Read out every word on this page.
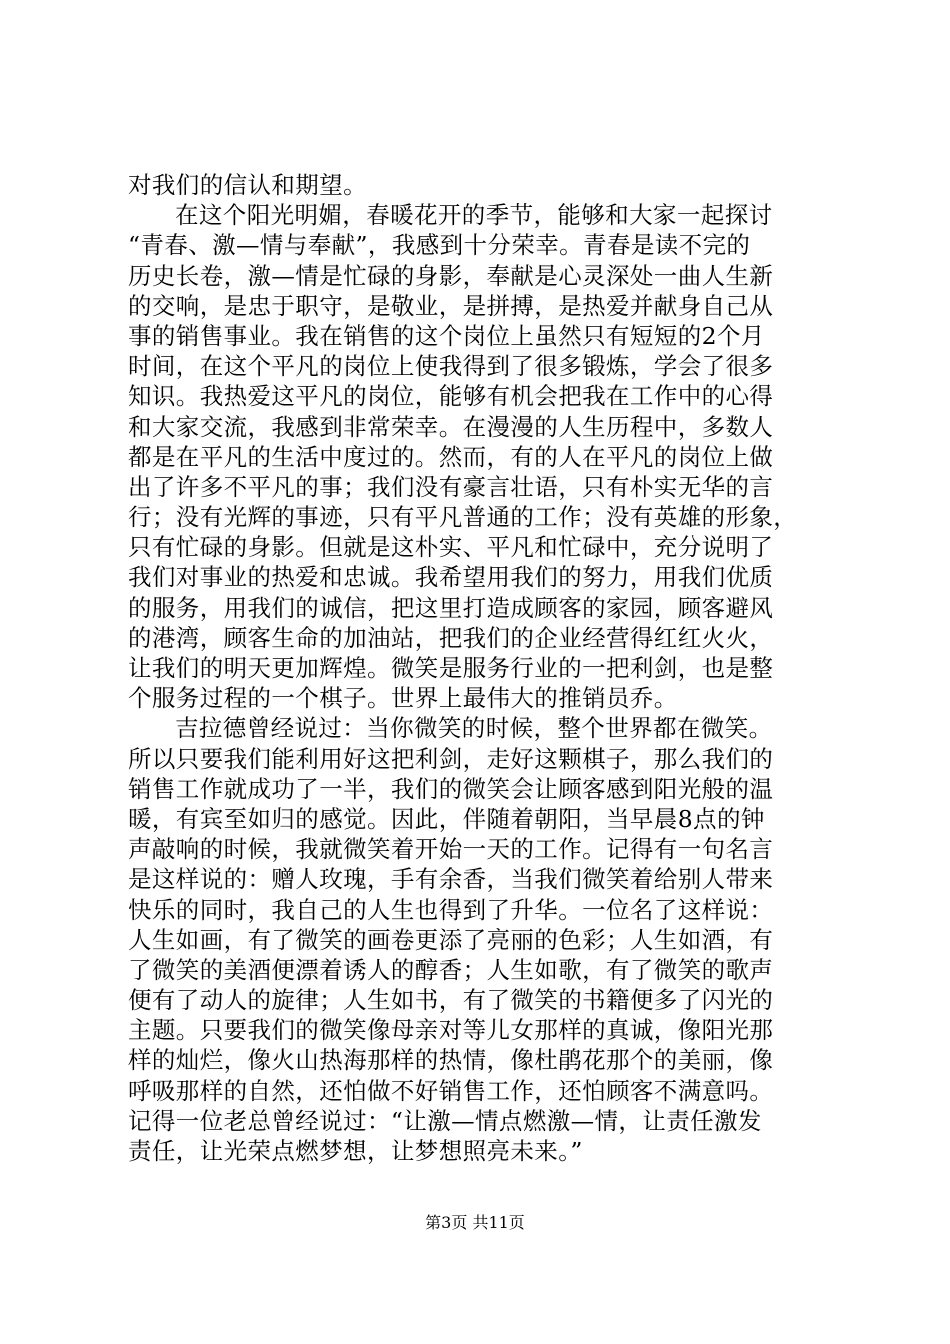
对我们的信认和期望。
在这个阳光明媚，春暖花开的季节，能够和大家一起探讨
“青春、激—情与奉献”，我感到十分荣幸。青春是读不完的
历史长卷，激—情是忙碌的身影，奉献是心灵深处一曲人生新
的交响，是忠于职守，是敬业，是拼搏，是热爱并献身自己从
事的销售事业。我在销售的这个岗位上虽然只有短短的2个月
时间，在这个平凡的岗位上使我得到了很多锻炼，学会了很多
知识。我热爱这平凡的岗位，能够有机会把我在工作中的心得
和大家交流，我感到非常荣幸。在漫漫的人生历程中，多数人
都是在平凡的生活中度过的。然而，有的人在平凡的岗位上做
出了许多不平凡的事；我们没有豪言壮语，只有朴实无华的言
行；没有光辉的事迹，只有平凡普通的工作；没有英雄的形象，
只有忙碌的身影。但就是这朴实、平凡和忙碌中，充分说明了
我们对事业的热爱和忠诚。我希望用我们的努力，用我们优质
的服务，用我们的诚信，把这里打造成顾客的家园，顾客避风
的港湾，顾客生命的加油站，把我们的企业经营得红红火火，
让我们的明天更加辉煌。微笑是服务行业的一把利剑，也是整
个服务过程的一个棋子。世界上最伟大的推销员乔。
吉拉德曾经说过：当你微笑的时候，整个世界都在微笑。
所以只要我们能利用好这把利剑，走好这颗棋子，那么我们的
销售工作就成功了一半，我们的微笑会让顾客感到阳光般的温
暖，有宾至如归的感觉。因此，伴随着朝阳，当早晨8点的钟
声敲响的时候，我就微笑着开始一天的工作。记得有一句名言
是这样说的：赠人玫瑰，手有余香，当我们微笑着给别人带来
快乐的同时，我自己的人生也得到了升华。一位名了这样说：
人生如画，有了微笑的画卷更添了亮丽的色彩；人生如酒，有
了微笑的美酒便漂着诱人的醇香；人生如歌，有了微笑的歌声
便有了动人的旋律；人生如书，有了微笑的书籍便多了闪光的
主题。只要我们的微笑像母亲对等儿女那样的真诚，像阳光那
样的灿烂，像火山热海那样的热情，像杜鹃花那个的美丽，像
呼吸那样的自然，还怕做不好销售工作，还怕顾客不满意吗。
记得一位老总曾经说过：“让激—情点燃激—情，让责任激发
责任，让光荣点燃梦想，让梦想照亮未来。”
第3页 共11页
